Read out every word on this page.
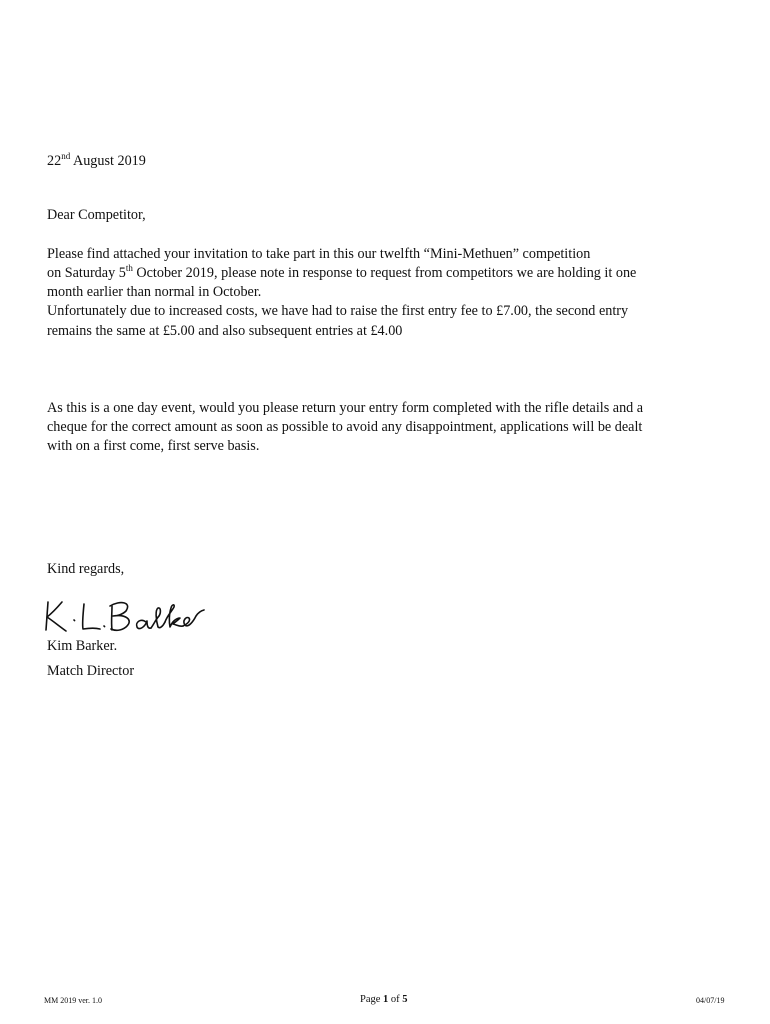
22nd August 2019
Dear Competitor,
Please find attached your invitation to take part in this our twelfth “Mini-Methuen” competition
on Saturday 5th October 2019, please note in response to request from competitors we are holding it one
month earlier than normal in October.
Unfortunately due to increased costs, we have had to raise the first entry fee to £7.00, the second entry
remains the same at £5.00 and also subsequent entries at £4.00
As this is a one day event, would you please return your entry form completed with the rifle details and a
cheque for the correct amount as soon as possible to avoid any disappointment, applications will be dealt
with on a first come, first serve basis.
Kind regards,
Kim Barker.
Match Director
MM 2019 ver. 1.0	Page 1 of 5	04/07/19
